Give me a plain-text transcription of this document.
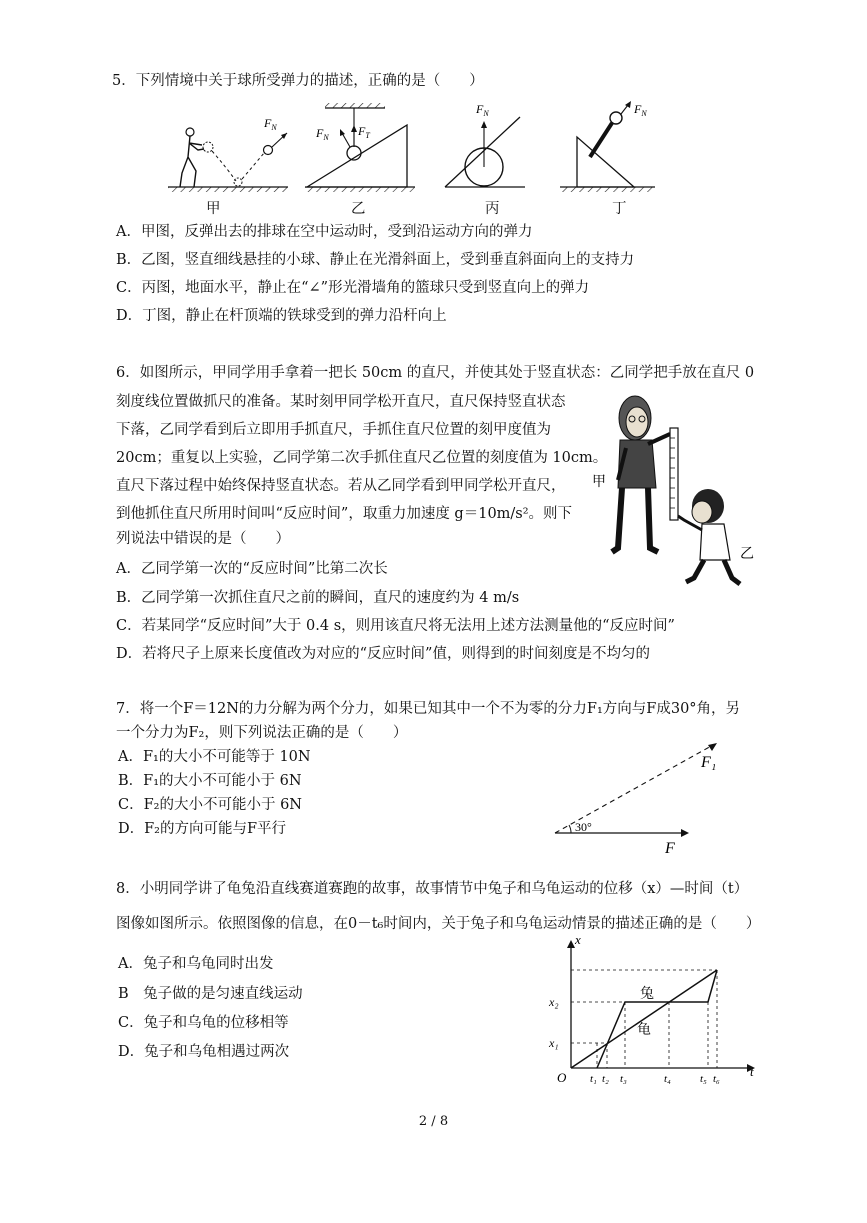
5．下列情境中关于球所受弹力的描述，正确的是（　　）
$F_N$	$F_N$ $F_T$
$F_N$	$F_N$
甲	乙	丙	丁
A．甲图，反弹出去的排球在空中运动时，受到沿运动方向的弹力
B．乙图，竖直细线悬挂的小球、静止在光滑斜面上，受到垂直斜面向上的支持力
C．丙图，地面水平，静止在“∠”形光滑墙角的篮球只受到竖直向上的弹力
D．丁图，静止在杆顶端的铁球受到的弹力沿杆向上
6．如图所示，甲同学用手拿着一把长 50cm 的直尺，并使其处于竖直状态：乙同学把手放在直尺 0
刻度线位置做抓尺的准备。某时刻甲同学松开直尺，直尺保持竖直状态
下落，乙同学看到后立即用手抓直尺，手抓住直尺位置的刻甲度值为
20cm；重复以上实验，乙同学第二次手抓住直尺乙位置的刻度值为 10cm。
直尺下落过程中始终保持竖直状态。若从乙同学看到甲同学松开直尺，
到他抓住直尺所用时间叫“反应时间”，取重力加速度 g＝10m/s²。则下
列说法中错误的是（　　）
甲
乙
A．乙同学第一次的“反应时间”比第二次长
B．乙同学第一次抓住直尺之前的瞬间，直尺的速度约为 4 m/s
C．若某同学“反应时间”大于 0.4 s，则用该直尺将无法用上述方法测量他的“反应时间”
D．若将尺子上原来长度值改为对应的“反应时间”值，则得到的时间刻度是不均匀的
7．将一个F＝12N的力分解为两个分力，如果已知其中一个不为零的分力F₁方向与F成30°角，另
一个分力为F₂，则下列说法正确的是（　　）
A．F₁的大小不可能等于 10N
B．F₁的大小不可能小于 6N
C．F₂的大小不可能小于 6N
D．F₂的方向可能与F平行	30°
F₁
F
8．小明同学讲了龟兔沿直线赛道赛跑的故事，故事情节中兔子和乌龟运动的位移（x）—时间（t）
图像如图所示。依照图像的信息，在0－t₆时间内，关于兔子和乌龟运动情景的描述正确的是（　　）
A．兔子和乌龟同时出发
B　兔子做的是匀速直线运动
C．兔子和乌龟的位移相等
D．兔子和乌龟相遇过两次
x
t
O
x₂
x₁
兔
龟
t₁ t₂ t₃	t₄	t₅ t₆
2 / 8
